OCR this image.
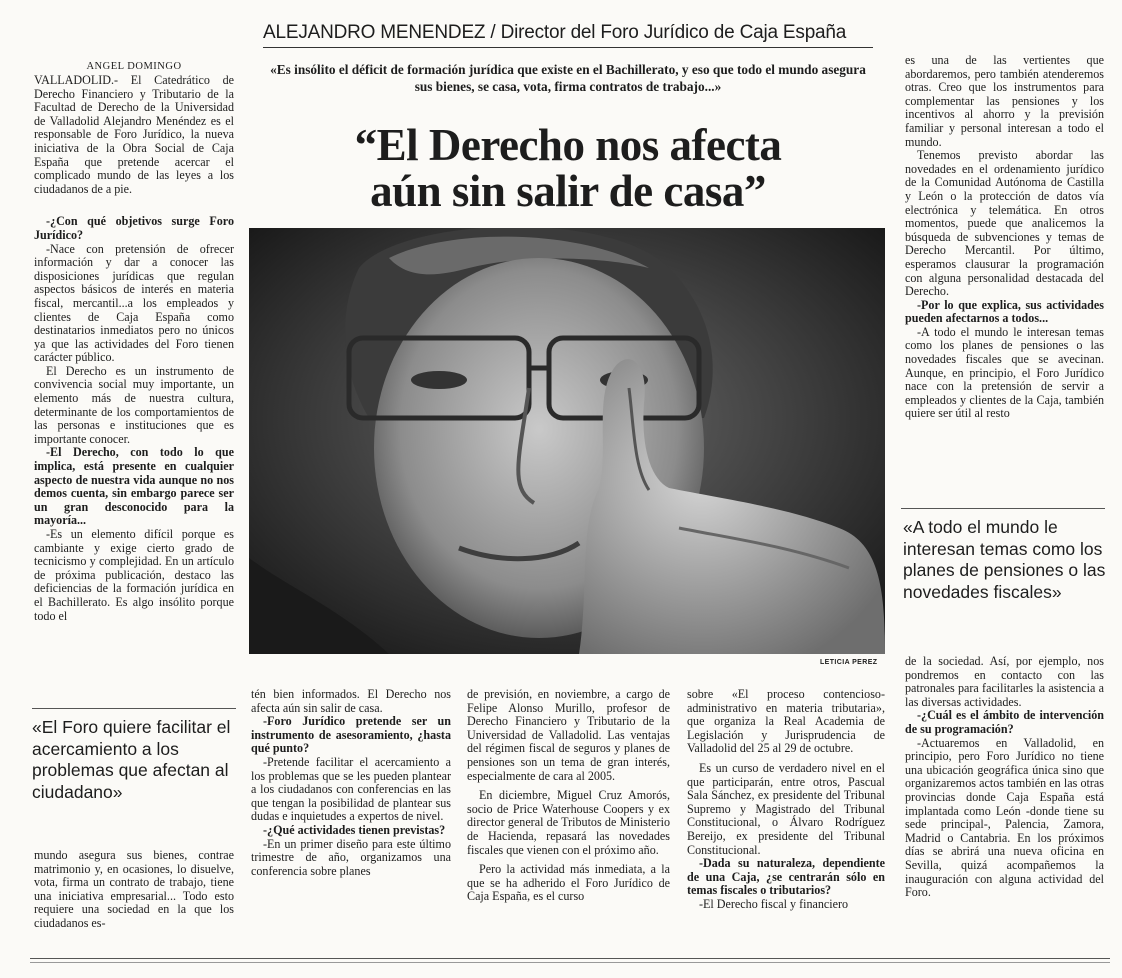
ALEJANDRO MENENDEZ / Director del Foro Jurídico de Caja España
«Es insólito el déficit de formación jurídica que existe en el Bachillerato, y eso que todo el mundo asegura sus bienes, se casa, vota, firma contratos de trabajo...»
“El Derecho nos afecta
aún sin salir de casa”
LETICIA PEREZ
ANGEL DOMINGO

VALLADOLID.- El Catedrático de Derecho Financiero y Tributario de la Facultad de Derecho de la Universidad de Valladolid Alejandro Menéndez es el responsable de Foro Jurídico, la nueva iniciativa de la Obra Social de Caja España que pretende acercar el complicado mundo de las leyes a los ciudadanos de a pie.

-¿Con qué objetivos surge Foro Jurídico?

-Nace con pretensión de ofrecer información y dar a conocer las disposiciones jurídicas que regulan aspectos básicos de interés en materia fiscal, mercantil...a los empleados y clientes de Caja España como destinatarios inmediatos pero no únicos ya que las actividades del Foro tienen carácter público.

El Derecho es un instrumento de convivencia social muy importante, un elemento más de nuestra cultura, determinante de los comportamientos de las personas e instituciones que es importante conocer.

-El Derecho, con todo lo que implica, está presente en cualquier aspecto de nuestra vida aunque no nos demos cuenta, sin embargo parece ser un gran desconocido para la mayoría...

-Es un elemento difícil porque es cambiante y exige cierto grado de tecnicismo y complejidad. En un artículo de próxima publicación, destaco las deficiencias de la formación jurídica en el Bachillerato. Es algo insólito porque todo el

«El Foro quiere facilitar el acercamiento a los problemas que afectan al ciudadano»

mundo asegura sus bienes, contrae matrimonio y, en ocasiones, lo disuelve, vota, firma un contrato de trabajo, tiene una iniciativa empresarial... Todo esto requiere una sociedad en la que los ciudadanos es-

tén bien informados. El Derecho nos afecta aún sin salir de casa.

-Foro Jurídico pretende ser un instrumento de asesoramiento, ¿hasta qué punto?

-Pretende facilitar el acercamiento a los problemas que se les pueden plantear a los ciudadanos con conferencias en las que tengan la posibilidad de plantear sus dudas e inquietudes a expertos de nivel.

-¿Qué actividades tienen previstas?

-En un primer diseño para este último trimestre de año, organizamos una conferencia sobre planes

de previsión, en noviembre, a cargo de Felipe Alonso Murillo, profesor de Derecho Financiero y Tributario de la Universidad de Valladolid. Las ventajas del régimen fiscal de seguros y planes de pensiones son un tema de gran interés, especialmente de cara al 2005.

En diciembre, Miguel Cruz Amorós, socio de Price Waterhouse Coopers y ex director general de Tributos de Ministerio de Hacienda, repasará las novedades fiscales que vienen con el próximo año.

Pero la actividad más inmediata, a la que se ha adherido el Foro Jurídico de Caja España, es el curso

sobre «El proceso contencioso-administrativo en materia tributaria», que organiza la Real Academia de Legislación y Jurisprudencia de Valladolid del 25 al 29 de octubre.

Es un curso de verdadero nivel en el que participarán, entre otros, Pascual Sala Sánchez, ex presidente del Tribunal Supremo y Magistrado del Tribunal Constitucional, o Álvaro Rodríguez Bereijo, ex presidente del Tribunal Constitucional.

-Dada su naturaleza, dependiente de una Caja, ¿se centrarán sólo en temas fiscales o tributarios?

-El Derecho fiscal y financiero

es una de las vertientes que abordaremos, pero también atenderemos otras. Creo que los instrumentos para complementar las pensiones y los incentivos al ahorro y la previsión familiar y personal interesan a todo el mundo.

Tenemos previsto abordar las novedades en el ordenamiento jurídico de la Comunidad Autónoma de Castilla y León o la protección de datos vía electrónica y telemática. En otros momentos, puede que analicemos la búsqueda de subvenciones y temas de Derecho Mercantil. Por último, esperamos clausurar la programación con alguna personalidad destacada del Derecho.

-Por lo que explica, sus actividades pueden afectarnos a todos...

-A todo el mundo le interesan temas como los planes de pensiones o las novedades fiscales que se avecinan. Aunque, en principio, el Foro Jurídico nace con la pretensión de servir a empleados y clientes de la Caja, también quiere ser útil al resto

«A todo el mundo le interesan temas como los planes de pensiones o las novedades fiscales»

de la sociedad. Así, por ejemplo, nos pondremos en contacto con las patronales para facilitarles la asistencia a las diversas actividades.

-¿Cuál es el ámbito de intervención de su programación?

-Actuaremos en Valladolid, en principio, pero Foro Jurídico no tiene una ubicación geográfica única sino que organizaremos actos también en las otras provincias donde Caja España está implantada como León -donde tiene su sede principal-, Palencia, Zamora, Madrid o Cantabria. En los próximos días se abrirá una nueva oficina en Sevilla, quizá acompañemos la inauguración con alguna actividad del Foro.
